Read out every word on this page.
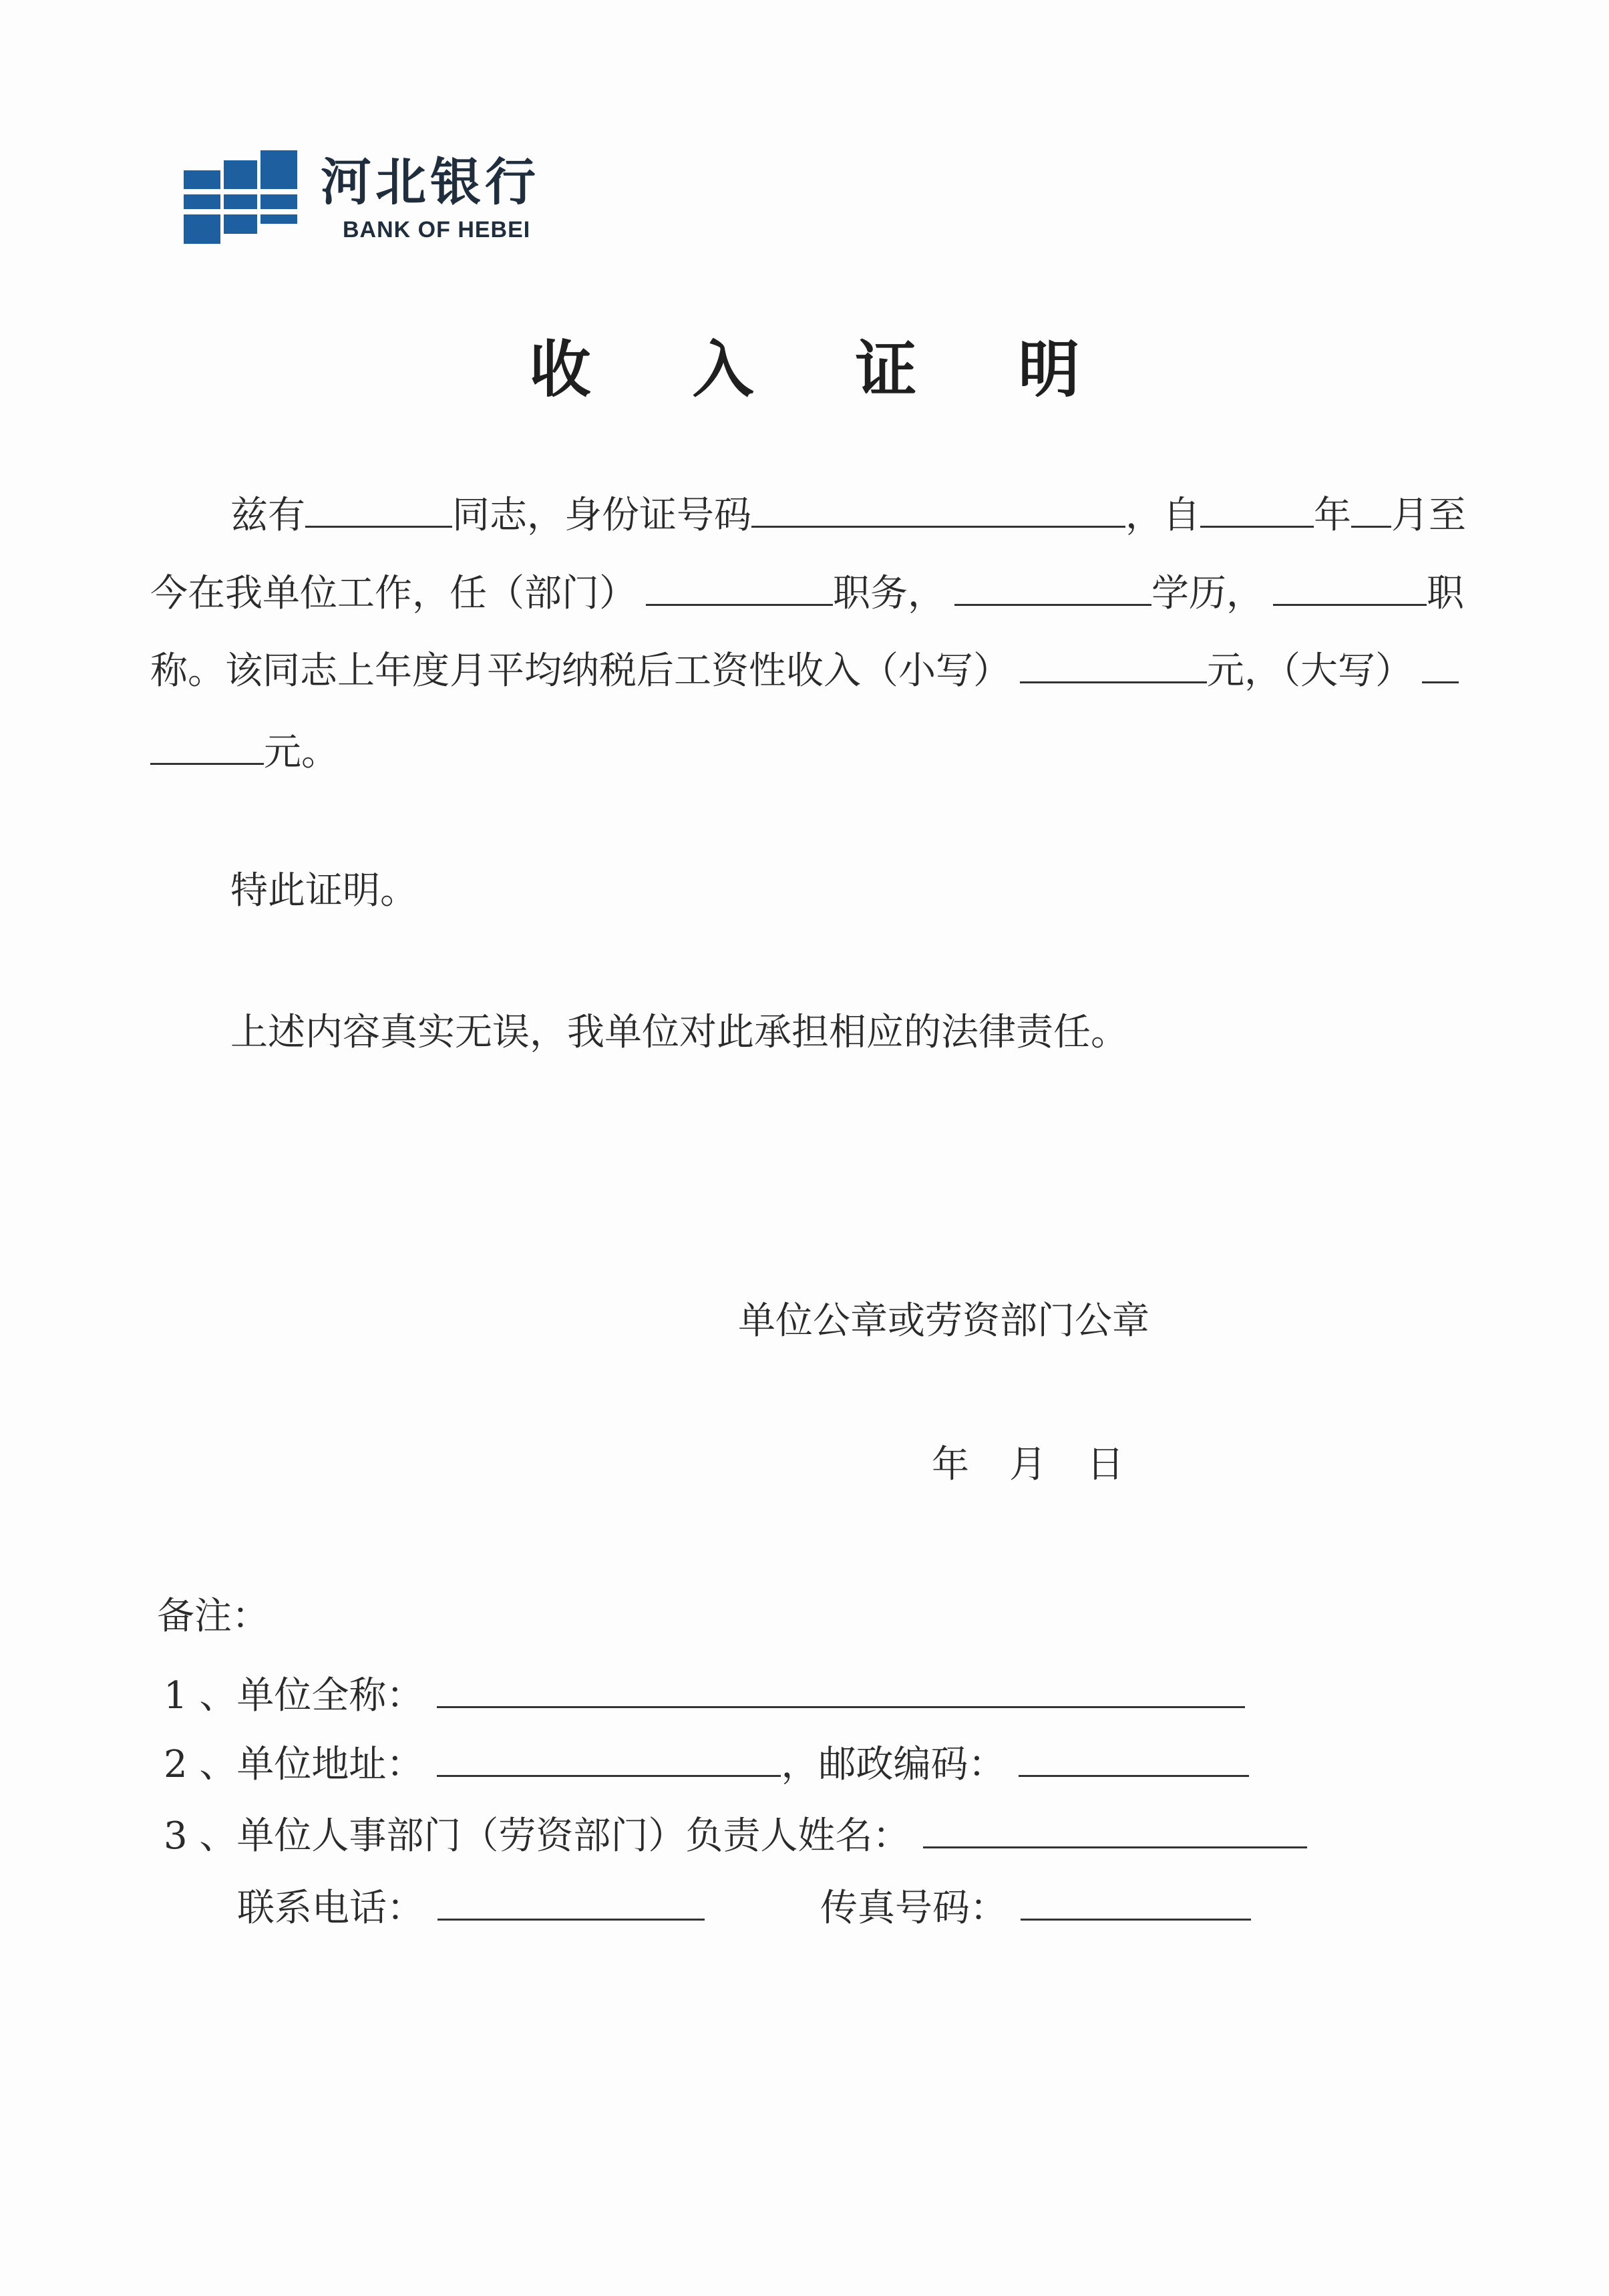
河北银行
BANK OF HEBEI
收 入 证 明
兹有	同志，身份证号码	，自	年 月至
今在我单位工作，任（部门）	职务，	学历，	职
称。该同志上年度月平均纳税后工资性收入（小写）	元，（大写）
元。
特此证明。
上述内容真实无误，我单位对此承担相应的法律责任。
单位公章或劳资部门公章
年 月 日
备注：
1 、单位全称：
2 、单位地址：	，邮政编码：
3 、单位人事部门（劳资部门）负责人姓名：
联系电话：	传真号码：
